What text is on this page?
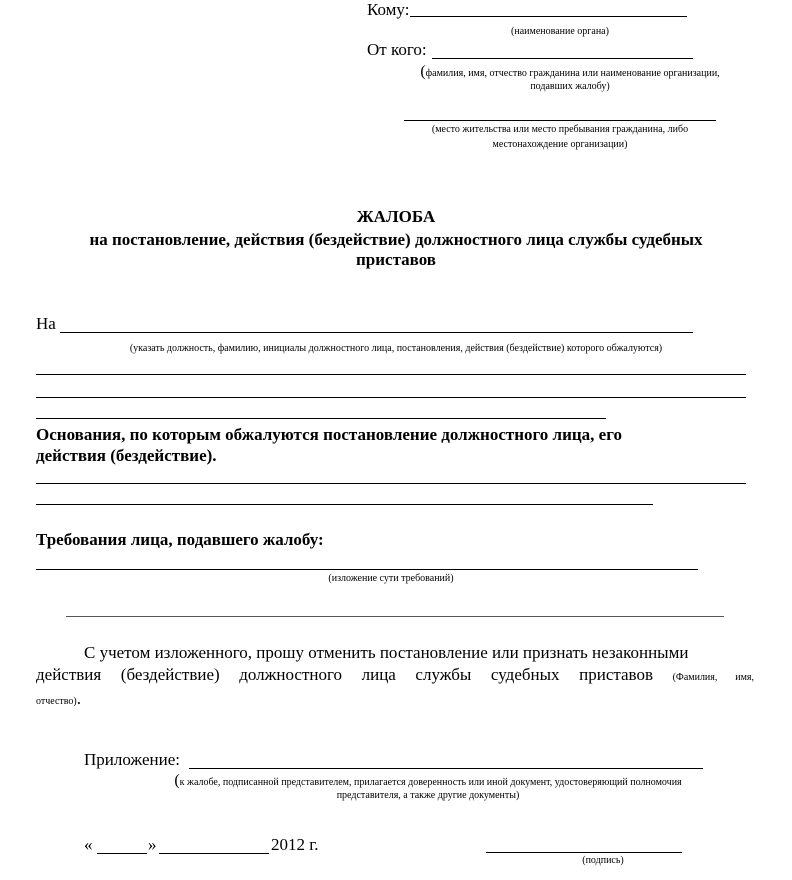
Кому:
(наименование органа)
От кого:
(фамилия, имя, отчество гражданина или наименование организации,
подавших жалобу)
(место жительства или место пребывания гражданина, либо
местонахождение организации)
ЖАЛОБА
на постановление, действия (бездействие) должностного лица службы судебных
приставов
На
(указать должность, фамилию, инициалы должностного лица, постановления, действия (бездействие) которого обжалуются)
Основания, по которым обжалуются постановление должностного лица, его
действия (бездействие).
Требования лица, подавшего жалобу:
(изложение сути требований)
С учетом изложенного, прошу отменить постановление или признать незаконными
действия (бездействие) должностного лица службы судебных приставов (Фамилия, имя,
отчество).
Приложение:
(к жалобе, подписанной представителем, прилагается доверенность или иной документ, удостоверяющий полномочия
представителя, а также другие документы)
«	»	2012 г.
(подпись)
